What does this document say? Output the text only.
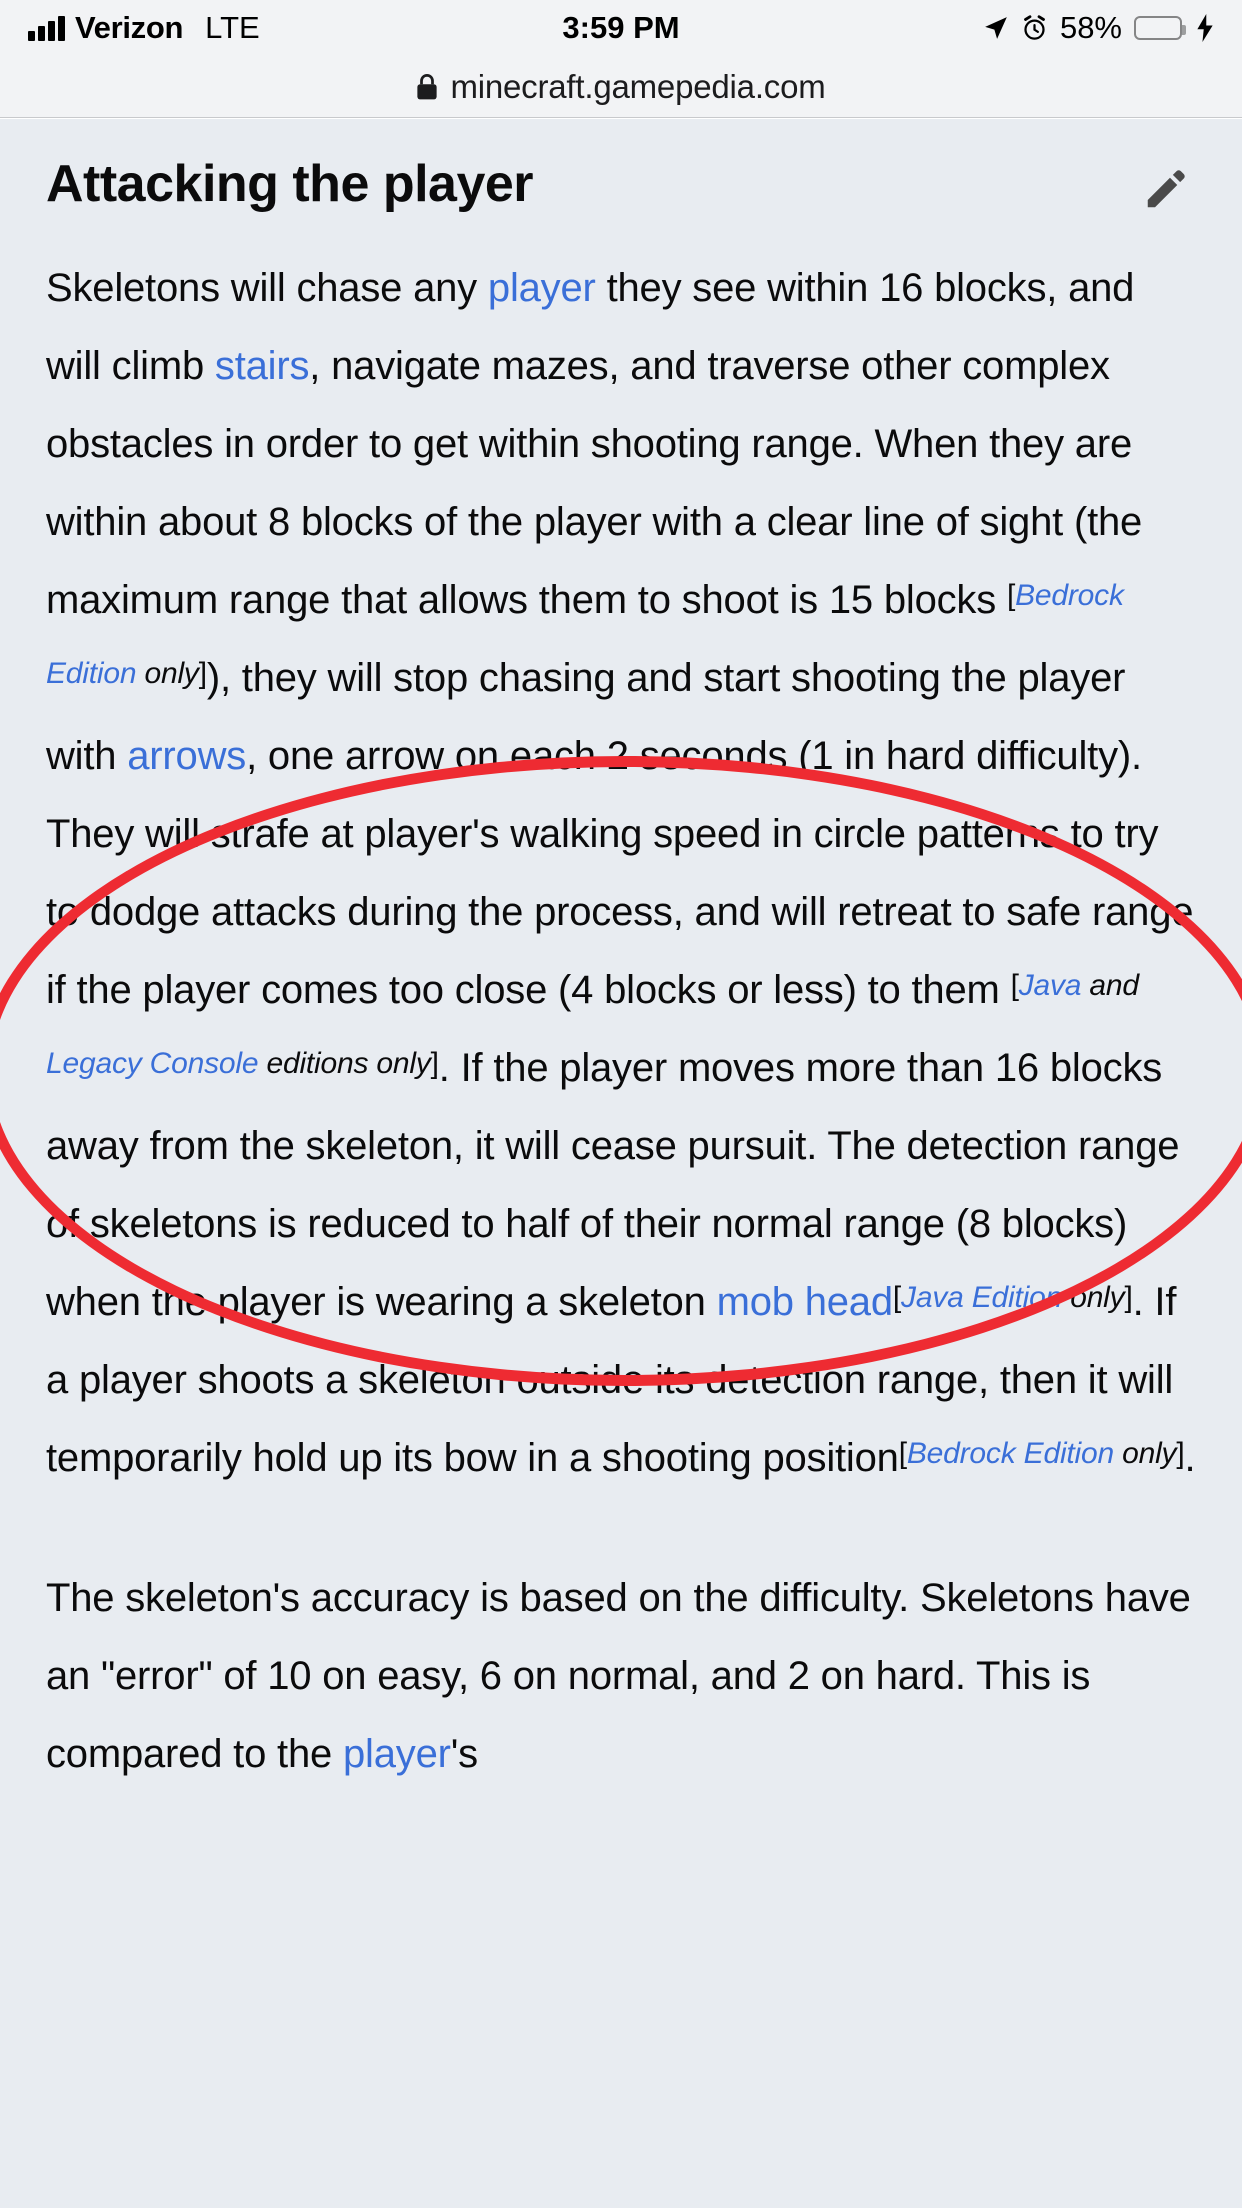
Verizon LTE	3:59 PM	58%
minecraft.gamepedia.com
Attacking the player

Skeletons will chase any player they see within 16 blocks, and will climb stairs, navigate mazes, and traverse other complex obstacles in order to get within shooting range. When they are within about 8 blocks of the player with a clear line of sight (the maximum range that allows them to shoot is 15 blocks [Bedrock Edition only]), they will stop chasing and start shooting the player with arrows, one arrow on each 2 seconds (1 in hard difficulty). They will strafe at player's walking speed in circle patterns to try to dodge attacks during the process, and will retreat to safe range if the player comes too close (4 blocks or less) to them [Java and Legacy Console editions only]. If the player moves more than 16 blocks away from the skeleton, it will cease pursuit. The detection range of skeletons is reduced to half of their normal range (8 blocks) when the player is wearing a skeleton mob head[Java Edition only]. If a player shoots a skeleton outside its detection range, then it will temporarily hold up its bow in a shooting position[Bedrock Edition only].

The skeleton's accuracy is based on the difficulty. Skeletons have an "error" of 10 on easy, 6 on normal, and 2 on hard. This is compared to the player's
